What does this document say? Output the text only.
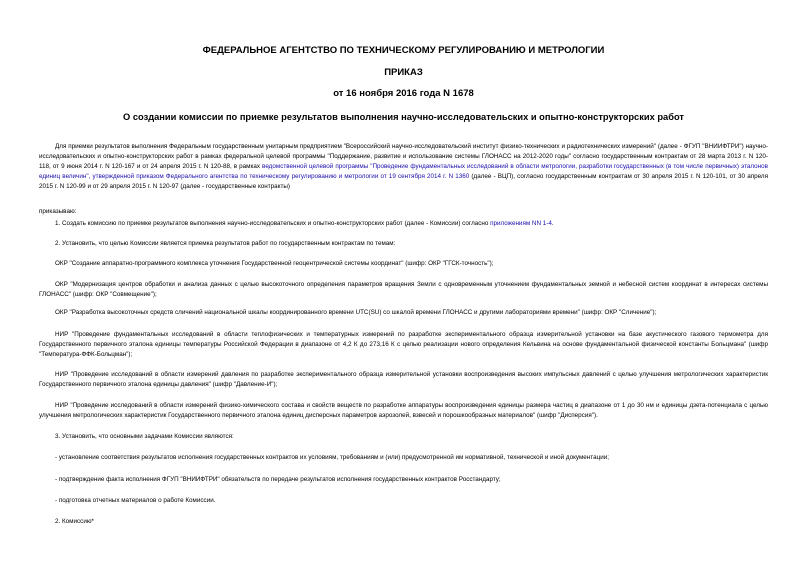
ФЕДЕРАЛЬНОЕ АГЕНТСТВО ПО ТЕХНИЧЕСКОМУ РЕГУЛИРОВАНИЮ И МЕТРОЛОГИИ
ПРИКАЗ
от 16 ноября 2016 года N 1678
О создании комиссии по приемке результатов выполнения научно-исследовательских и опытно-конструкторских работ
Для приемки результатов выполнения Федеральным государственным унитарным предприятием "Всероссийский научно-исследовательский институт физико-технических и радиотехнических измерений" (далее - ФГУП "ВНИИФТРИ") научно-исследовательских и опытно-конструкторских работ в рамках федеральной целевой программы "Поддержание, развитие и использование системы ГЛОНАСС на 2012-2020 годы" согласно государственным контрактам от 28 марта 2013 г. N 120-118, от 9 июня 2014 г. N 120-167 и от 24 апреля 2015 г. N 120-88, в рамках ведомственной целевой программы "Проведение фундаментальных исследований в области метрологии, разработки государственных (в том числе первичных) эталонов единиц величин", утвержденной приказом Федерального агентства по техническому регулированию и метрологии от 19 сентября 2014 г. N 1360 (далее - ВЦП), согласно государственным контрактам от 30 апреля 2015 г. N 120-101, от 30 апреля 2015 г. N 120-99 и от 29 апреля 2015 г. N 120-97 (далее - государственные контракты)
приказываю:
1. Создать комиссию по приемке результатов выполнения научно-исследовательских и опытно-конструкторских работ (далее - Комиссии) согласно приложениям NN 1-4.
2. Установить, что целью Комиссии является приемка результатов работ по государственным контрактам по темам:
ОКР "Создание аппаратно-программного комплекса уточнения Государственной геоцентрической системы координат" (шифр: ОКР "ГГСК-точность");
ОКР "Модернизация центров обработки и анализа данных с целью высокоточного определения параметров вращения Земли с одновременным уточнением фундаментальных земной и небесной систем координат в интересах системы ГЛОНАСС" (шифр: ОКР "Совмещение");
ОКР "Разработка высокоточных средств сличений национальной шкалы координированного времени UTC(SU) со шкалой времени ГЛОНАСС и другими лабораториями времени" (шифр: ОКР "Сличение");
НИР "Проведение фундаментальных исследований в области теплофизических и температурных измерений по разработке экспериментального образца измерительной установки на базе акустического газового термометра для Государственного первичного эталона единицы температуры Российской Федерации в диапазоне от 4,2 К до 273,16 К с целью реализации нового определения Кельвина на основе фундаментальной физической константы Больцмана" (шифр "Температура-ФФК-Больцман");
НИР "Проведение исследований в области измерений давления по разработке экспериментального образца измерительной установки воспроизведения высоких импульсных давлений с целью улучшения метрологических характеристик Государственного первичного эталона единицы давления" (шифр "Давление-И");
НИР "Проведение исследований в области измерений физико-химического состава и свойств веществ по разработке аппаратуры воспроизведения единицы размера частиц в диапазоне от 1 до 30 нм и единицы дзета-потенциала с целью улучшения метрологических характеристик Государственного первичного эталона единиц дисперсных параметров аэрозолей, взвесей и порошкообразных материалов" (шифр "Дисперсия").
3. Установить, что основными задачами Комиссии являются:
- установление соответствия результатов исполнения государственных контрактов их условиям, требованиям и (или) предусмотренной им нормативной, технической и иной документации;
- подтверждение факта исполнения ФГУП "ВНИИФТРИ" обязательств по передаче результатов исполнения государственных контрактов Росстандарту;
- подготовка отчетных материалов о работе Комиссии.
2. Комиссию*
